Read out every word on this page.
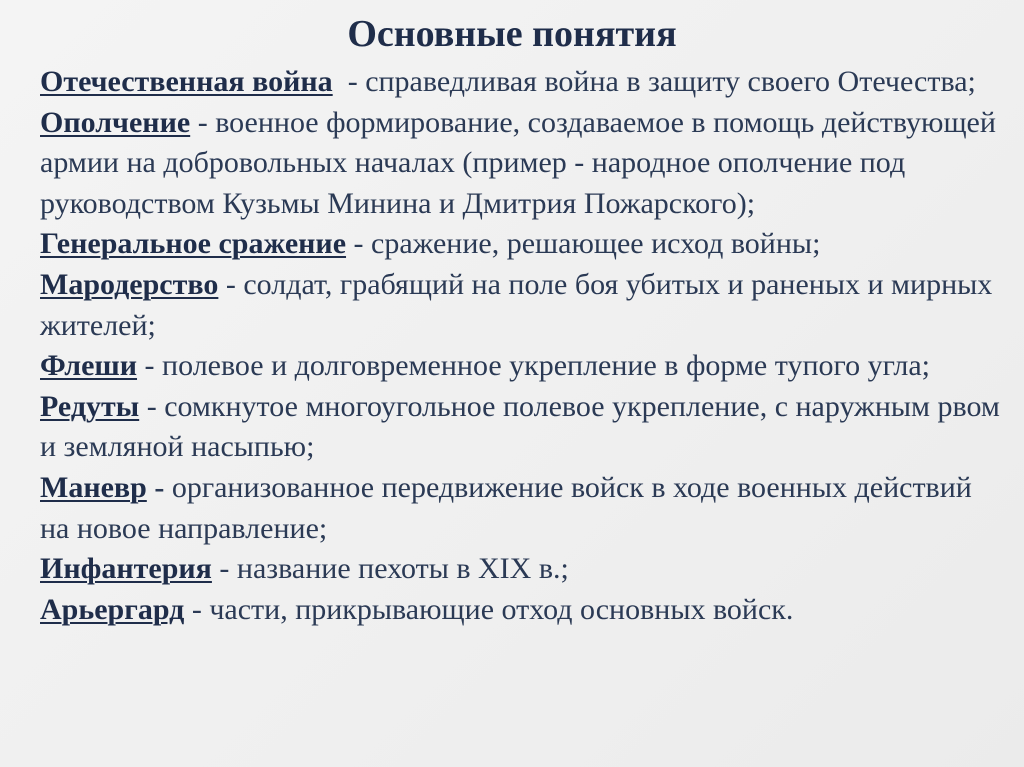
Основные понятия

Отечественная война  - справедливая война в защиту своего Отечества;

Ополчение - военное формирование, создаваемое в помощь действующей армии на добровольных началах (пример - народное ополчение под руководством Кузьмы Минина и Дмитрия Пожарского);

Генеральное сражение - сражение, решающее исход войны;

Мародерство - солдат, грабящий на поле боя убитых и раненых и мирных жителей;

Флеши - полевое и долговременное укрепление в форме тупого угла;

Редуты - сомкнутое многоугольное полевое укрепление, с наружным рвом и земляной насыпью;

Маневр - организованное передвижение войск в ходе военных действий на новое направление;

Инфантерия - название пехоты в XIX в.;

Арьергард - части, прикрывающие отход основных войск.
